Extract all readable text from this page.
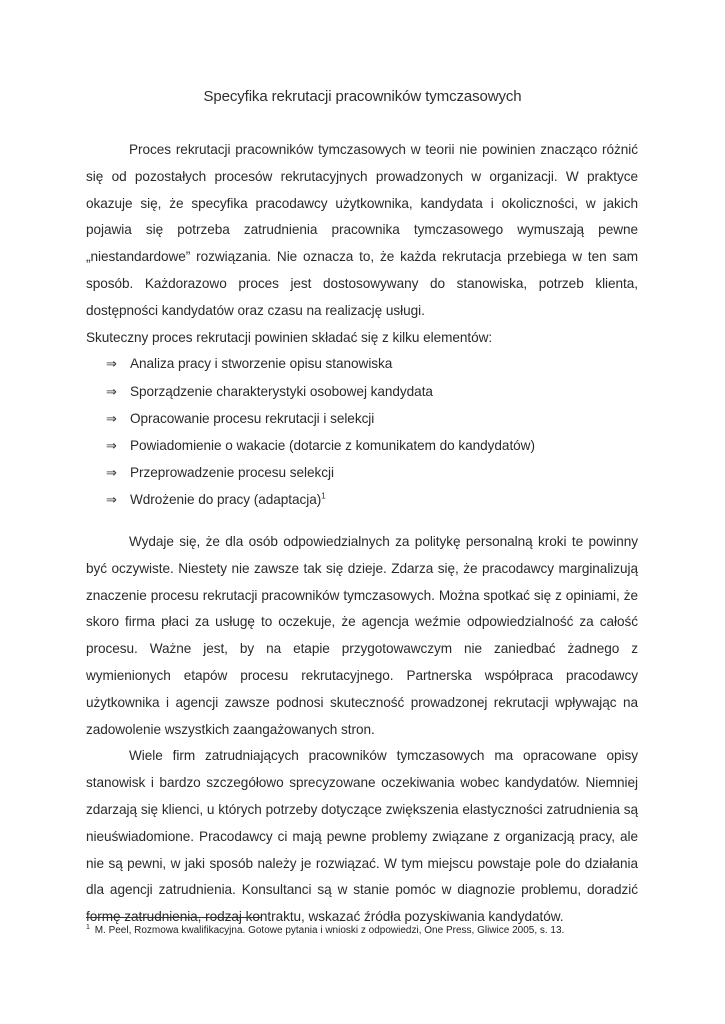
Specyfika rekrutacji pracowników tymczasowych

Proces rekrutacji pracowników tymczasowych w teorii nie powinien znacząco różnić się od pozostałych procesów rekrutacyjnych prowadzonych w organizacji. W praktyce okazuje się, że specyfika pracodawcy użytkownika, kandydata i okoliczności, w jakich pojawia się potrzeba zatrudnienia pracownika tymczasowego wymuszają pewne „niestandardowe” rozwiązania. Nie oznacza to, że każda rekrutacja przebiega w ten sam sposób. Każdorazowo proces jest dostosowywany do stanowiska, potrzeb klienta, dostępności kandydatów oraz czasu na realizację usługi.

Skuteczny proces rekrutacji powinien składać się z kilku elementów:

⇒ Analiza pracy i stworzenie opisu stanowiska
⇒ Sporządzenie charakterystyki osobowej kandydata
⇒ Opracowanie procesu rekrutacji i selekcji
⇒ Powiadomienie o wakacie (dotarcie z komunikatem do kandydatów)
⇒ Przeprowadzenie procesu selekcji
⇒ Wdrożenie do pracy (adaptacja)$^1$

Wydaje się, że dla osób odpowiedzialnych za politykę personalną kroki te powinny być oczywiste. Niestety nie zawsze tak się dzieje. Zdarza się, że pracodawcy marginalizują znaczenie procesu rekrutacji pracowników tymczasowych. Można spotkać się z opiniami, że skoro firma płaci za usługę to oczekuje, że agencja weźmie odpowiedzialność za całość procesu. Ważne jest, by na etapie przygotowawczym nie zaniedbać żadnego z wymienionych etapów procesu rekrutacyjnego. Partnerska współpraca pracodawcy użytkownika i agencji zawsze podnosi skuteczność prowadzonej rekrutacji wpływając na zadowolenie wszystkich zaangażowanych stron.

Wiele firm zatrudniających pracowników tymczasowych ma opracowane opisy stanowisk i bardzo szczegółowo sprecyzowane oczekiwania wobec kandydatów. Niemniej zdarzają się klienci, u których potrzeby dotyczące zwiększenia elastyczności zatrudnienia są nieuświadomione. Pracodawcy ci mają pewne problemy związane z organizacją pracy, ale nie są pewni, w jaki sposób należy je rozwiązać. W tym miejscu powstaje pole do działania dla agencji zatrudnienia. Konsultanci są w stanie pomóc w diagnozie problemu, doradzić formę zatrudnienia, rodzaj kontraktu, wskazać źródła pozyskiwania kandydatów.

$^1$ M. Peel, Rozmowa kwalifikacyjna. Gotowe pytania i wnioski z odpowiedzi, One Press, Gliwice 2005, s. 13.
